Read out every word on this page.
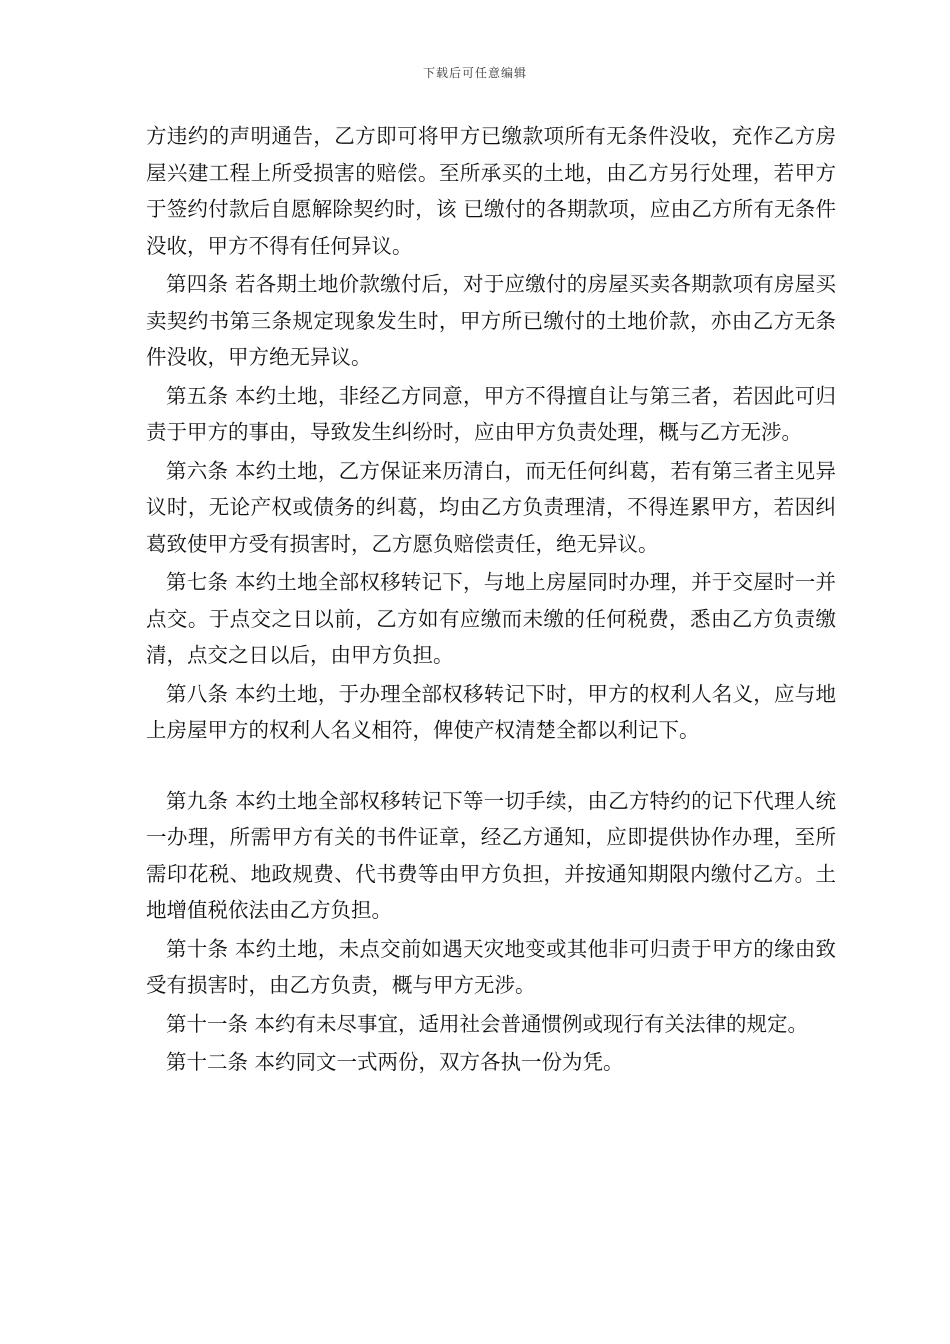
下载后可任意编辑

方违约的声明通告，乙方即可将甲方已缴款项所有无条件没收，充作乙方房屋兴建工程上所受损害的赔偿。至所承买的土地，由乙方另行处理，若甲方于签约付款后自愿解除契约时，该 已缴付的各期款项，应由乙方所有无条件没收，甲方不得有任何异议。

第四条 若各期土地价款缴付后，对于应缴付的房屋买卖各期款项有房屋买卖契约书第三条规定现象发生时，甲方所已缴付的土地价款，亦由乙方无条件没收，甲方绝无异议。

第五条 本约土地，非经乙方同意，甲方不得擅自让与第三者，若因此可归责于甲方的事由，导致发生纠纷时，应由甲方负责处理，概与乙方无涉。

第六条 本约土地，乙方保证来历清白，而无任何纠葛，若有第三者主见异议时，无论产权或债务的纠葛，均由乙方负责理清，不得连累甲方，若因纠葛致使甲方受有损害时，乙方愿负赔偿责任，绝无异议。

第七条 本约土地全部权移转记下，与地上房屋同时办理，并于交屋时一并点交。于点交之日以前，乙方如有应缴而未缴的任何税费，悉由乙方负责缴清，点交之日以后，由甲方负担。

第八条 本约土地，于办理全部权移转记下时，甲方的权利人名义，应与地上房屋甲方的权利人名义相符，俾使产权清楚全都以利记下。

第九条 本约土地全部权移转记下等一切手续，由乙方特约的记下代理人统一办理，所需甲方有关的书件证章，经乙方通知，应即提供协作办理，至所需印花税、地政规费、代书费等由甲方负担，并按通知期限内缴付乙方。土地增值税依法由乙方负担。

第十条 本约土地，未点交前如遇天灾地变或其他非可归责于甲方的缘由致受有损害时，由乙方负责，概与甲方无涉。

第十一条 本约有未尽事宜，适用社会普通惯例或现行有关法律的规定。

第十二条 本约同文一式两份，双方各执一份为凭。
